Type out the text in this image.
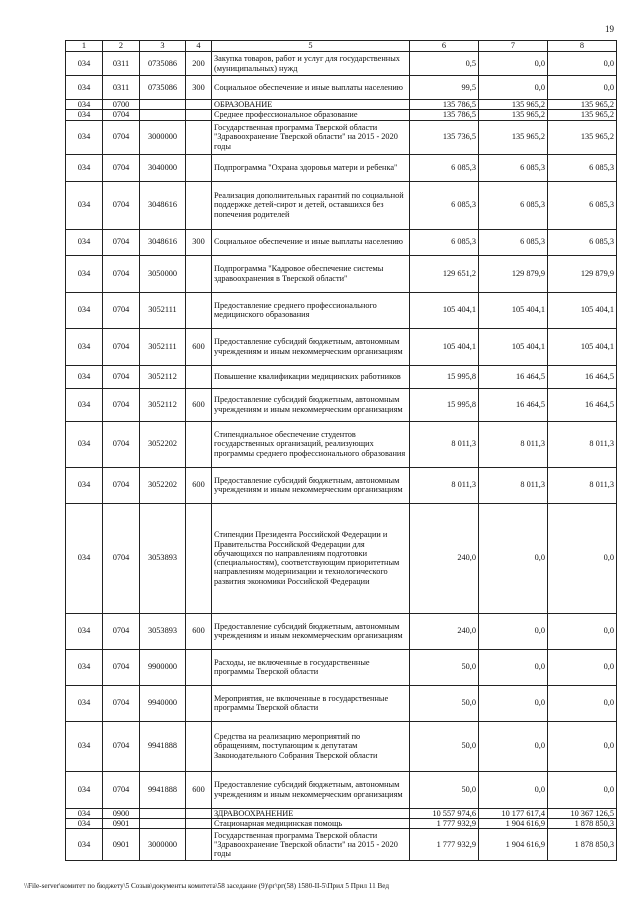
19
1	2	3	4	5	6	7	8
034	0311	0735086	200	Закупка товаров, работ и услуг для государственных (муниципальных) нужд	0,5	0,0	0,0
034	0311	0735086	300	Социальное обеспечение и иные выплаты населению	99,5	0,0	0,0
034	0700			ОБРАЗОВАНИЕ	135 786,5	135 965,2	135 965,2
034	0704			Среднее профессиональное образование	135 786,5	135 965,2	135 965,2
034	0704	3000000		Государственная программа Тверской области "Здравоохранение Тверской области" на 2015 - 2020 годы	135 736,5	135 965,2	135 965,2
034	0704	3040000		Подпрограмма "Охрана здоровья матери и ребенка"	6 085,3	6 085,3	6 085,3
034	0704	3048616		Реализация дополнительных гарантий по социальной поддержке детей-сирот и детей, оставшихся без попечения родителей	6 085,3	6 085,3	6 085,3
034	0704	3048616	300	Социальное обеспечение и иные выплаты населению	6 085,3	6 085,3	6 085,3
034	0704	3050000		Подпрограмма "Кадровое обеспечение системы здравоохранения в Тверской области"	129 651,2	129 879,9	129 879,9
034	0704	3052111		Предоставление среднего профессионального медицинского образования	105 404,1	105 404,1	105 404,1
034	0704	3052111	600	Предоставление субсидий бюджетным, автономным учреждениям и иным некоммерческим организациям	105 404,1	105 404,1	105 404,1
034	0704	3052112		Повышение квалификации медицинских работников	15 995,8	16 464,5	16 464,5
034	0704	3052112	600	Предоставление субсидий бюджетным, автономным учреждениям и иным некоммерческим организациям	15 995,8	16 464,5	16 464,5
034	0704	3052202		Стипендиальное обеспечение студентов государственных организаций, реализующих программы среднего профессионального образования	8 011,3	8 011,3	8 011,3
034	0704	3052202	600	Предоставление субсидий бюджетным, автономным учреждениям и иным некоммерческим организациям	8 011,3	8 011,3	8 011,3
034	0704	3053893		Стипендии Президента Российской Федерации и Правительства Российской Федерации для обучающихся по направлениям подготовки (специальностям), соответствующим приоритетным направлениям модернизации и технологического развития экономики Российской Федерации	240,0	0,0	0,0
034	0704	3053893	600	Предоставление субсидий бюджетным, автономным учреждениям и иным некоммерческим организациям	240,0	0,0	0,0
034	0704	9900000		Расходы, не включенные в государственные программы Тверской области	50,0	0,0	0,0
034	0704	9940000		Мероприятия, не включенные в государственные программы Тверской области	50,0	0,0	0,0
034	0704	9941888		Средства на реализацию мероприятий по обращениям, поступающим к депутатам Законодательного Собрания Тверской области	50,0	0,0	0,0
034	0704	9941888	600	Предоставление субсидий бюджетным, автономным учреждениям и иным некоммерческим организациям	50,0	0,0	0,0
034	0900			ЗДРАВООХРАНЕНИЕ	10 557 974,6	10 177 617,4	10 367 126,5
034	0901			Стационарная медицинская помощь	1 777 932,9	1 904 616,9	1 878 850,3
034	0901	3000000		Государственная программа Тверской области "Здравоохранение Тверской области" на 2015 - 2020 годы	1 777 932,9	1 904 616,9	1 878 850,3
\\File-server\комитет по бюджету\5 Созыв\документы комитета\58 заседание (9)\рг\рг(58) 1580-II-5\Прил 5 Прил 11 Вед
